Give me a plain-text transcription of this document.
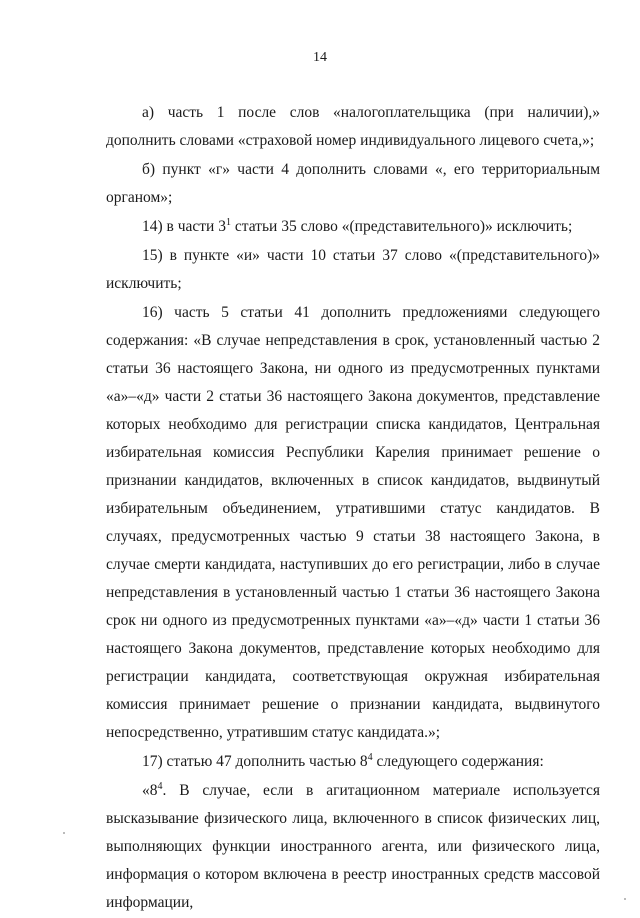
14

а) часть 1 после слов «налогоплательщика (при наличии),» дополнить словами «страховой номер индивидуального лицевого счета,»;

б) пункт «г» части 4 дополнить словами «, его территориальным органом»;

14) в части $3^1$ статьи 35 слово «(представительного)» исключить;

15) в пункте «и» части 10 статьи 37 слово «(представительного)» исключить;

16) часть 5 статьи 41 дополнить предложениями следующего содержания: «В случае непредставления в срок, установленный частью 2 статьи 36 настоящего Закона, ни одного из предусмотренных пунктами «а»–«д» части 2 статьи 36 настоящего Закона документов, представление которых необходимо для регистрации списка кандидатов, Центральная избирательная комиссия Республики Карелия принимает решение о признании кандидатов, включенных в список кандидатов, выдвинутый избирательным объединением, утратившими статус кандидатов. В случаях, предусмотренных частью 9 статьи 38 настоящего Закона, в случае смерти кандидата, наступивших до его регистрации, либо в случае непредставления в установленный частью 1 статьи 36 настоящего Закона срок ни одного из предусмотренных пунктами «а»–«д» части 1 статьи 36 настоящего Закона документов, представление которых необходимо для регистрации кандидата, соответствующая окружная избирательная комиссия принимает решение о признании кандидата, выдвинутого непосредственно, утратившим статус кандидата.»;

17) статью 47 дополнить частью $8^4$ следующего содержания:

«$8^4$. В случае, если в агитационном материале используется высказывание физического лица, включенного в список физических лиц, выполняющих функции иностранного агента, или физического лица, информация о котором включена в реестр иностранных средств массовой информации,
